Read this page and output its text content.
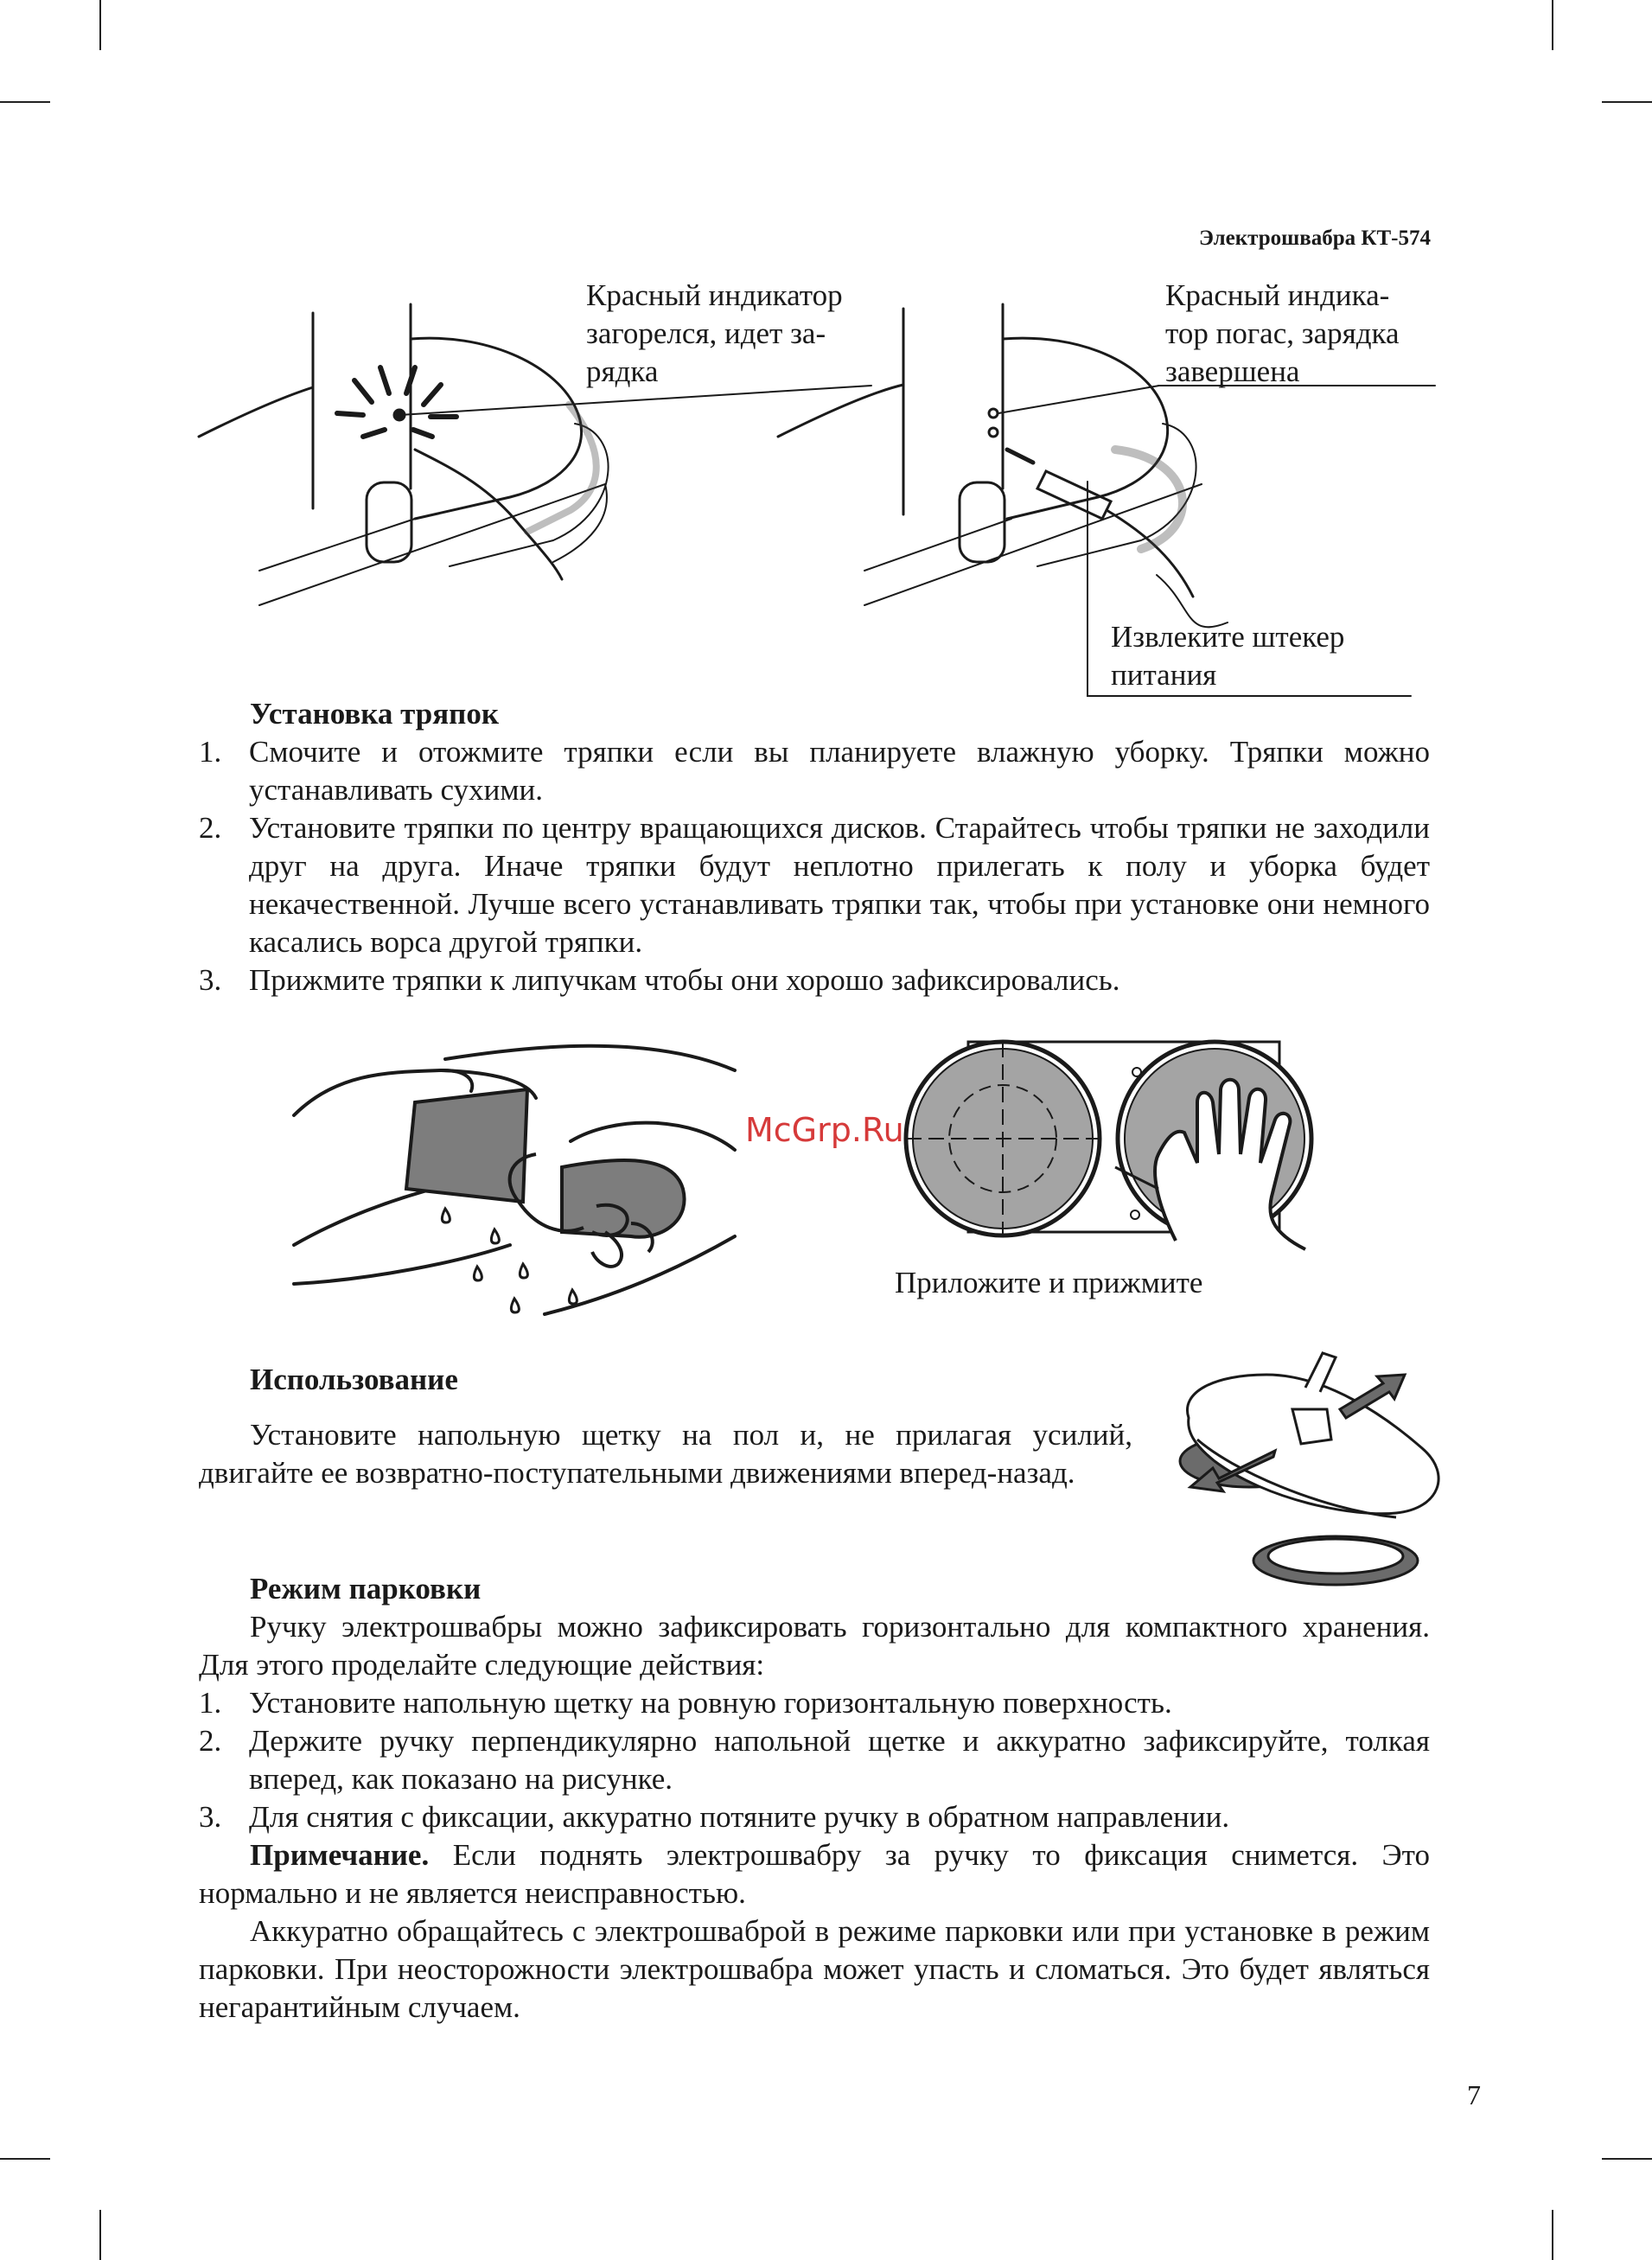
Электрошвабра КТ-574
Красный индикатор
загорелся, идет за-
рядка
Красный индика-
тор погас, зарядка
завершена
Извлеките штекер
питания
Установка тряпок
1. Смочите и отожмите тряпки если вы планируете влажную уборку. Тряпки можно устанавливать сухими.
2. Установите тряпки по центру вращающихся дисков. Старайтесь чтобы тряпки не заходили друг на друга. Иначе тряпки будут неплотно прилегать к полу и уборка будет некачественной. Лучше всего устанавливать тряпки так, чтобы при установке они немного касались ворса другой тряпки.
3. Прижмите тряпки к липучкам чтобы они хорошо зафиксировались.
Приложите и прижмите
McGrp.Ru
Использование

Установите напольную щетку на пол и, не прилагая усилий, двигайте ее возвратно-поступательными движениями вперед-назад.

Режим парковки

Ручку электрошвабры можно зафиксировать горизонтально для компактного хранения. Для этого проделайте следующие действия:

1. Установите напольную щетку на ровную горизонтальную поверхность.
2. Держите ручку перпендикулярно напольной щетке и аккуратно зафиксируйте, толкая вперед, как показано на рисунке.
3. Для снятия с фиксации, аккуратно потяните ручку в обратном направлении.

Примечание. Если поднять электрошвабру за ручку то фиксация снимется. Это нормально и не является неисправностью.

Аккуратно обращайтесь с электрошваброй в режиме парковки или при установке в режим парковки. При неосторожности электрошвабра может упасть и сломаться. Это будет являться негарантийным случаем.

7
